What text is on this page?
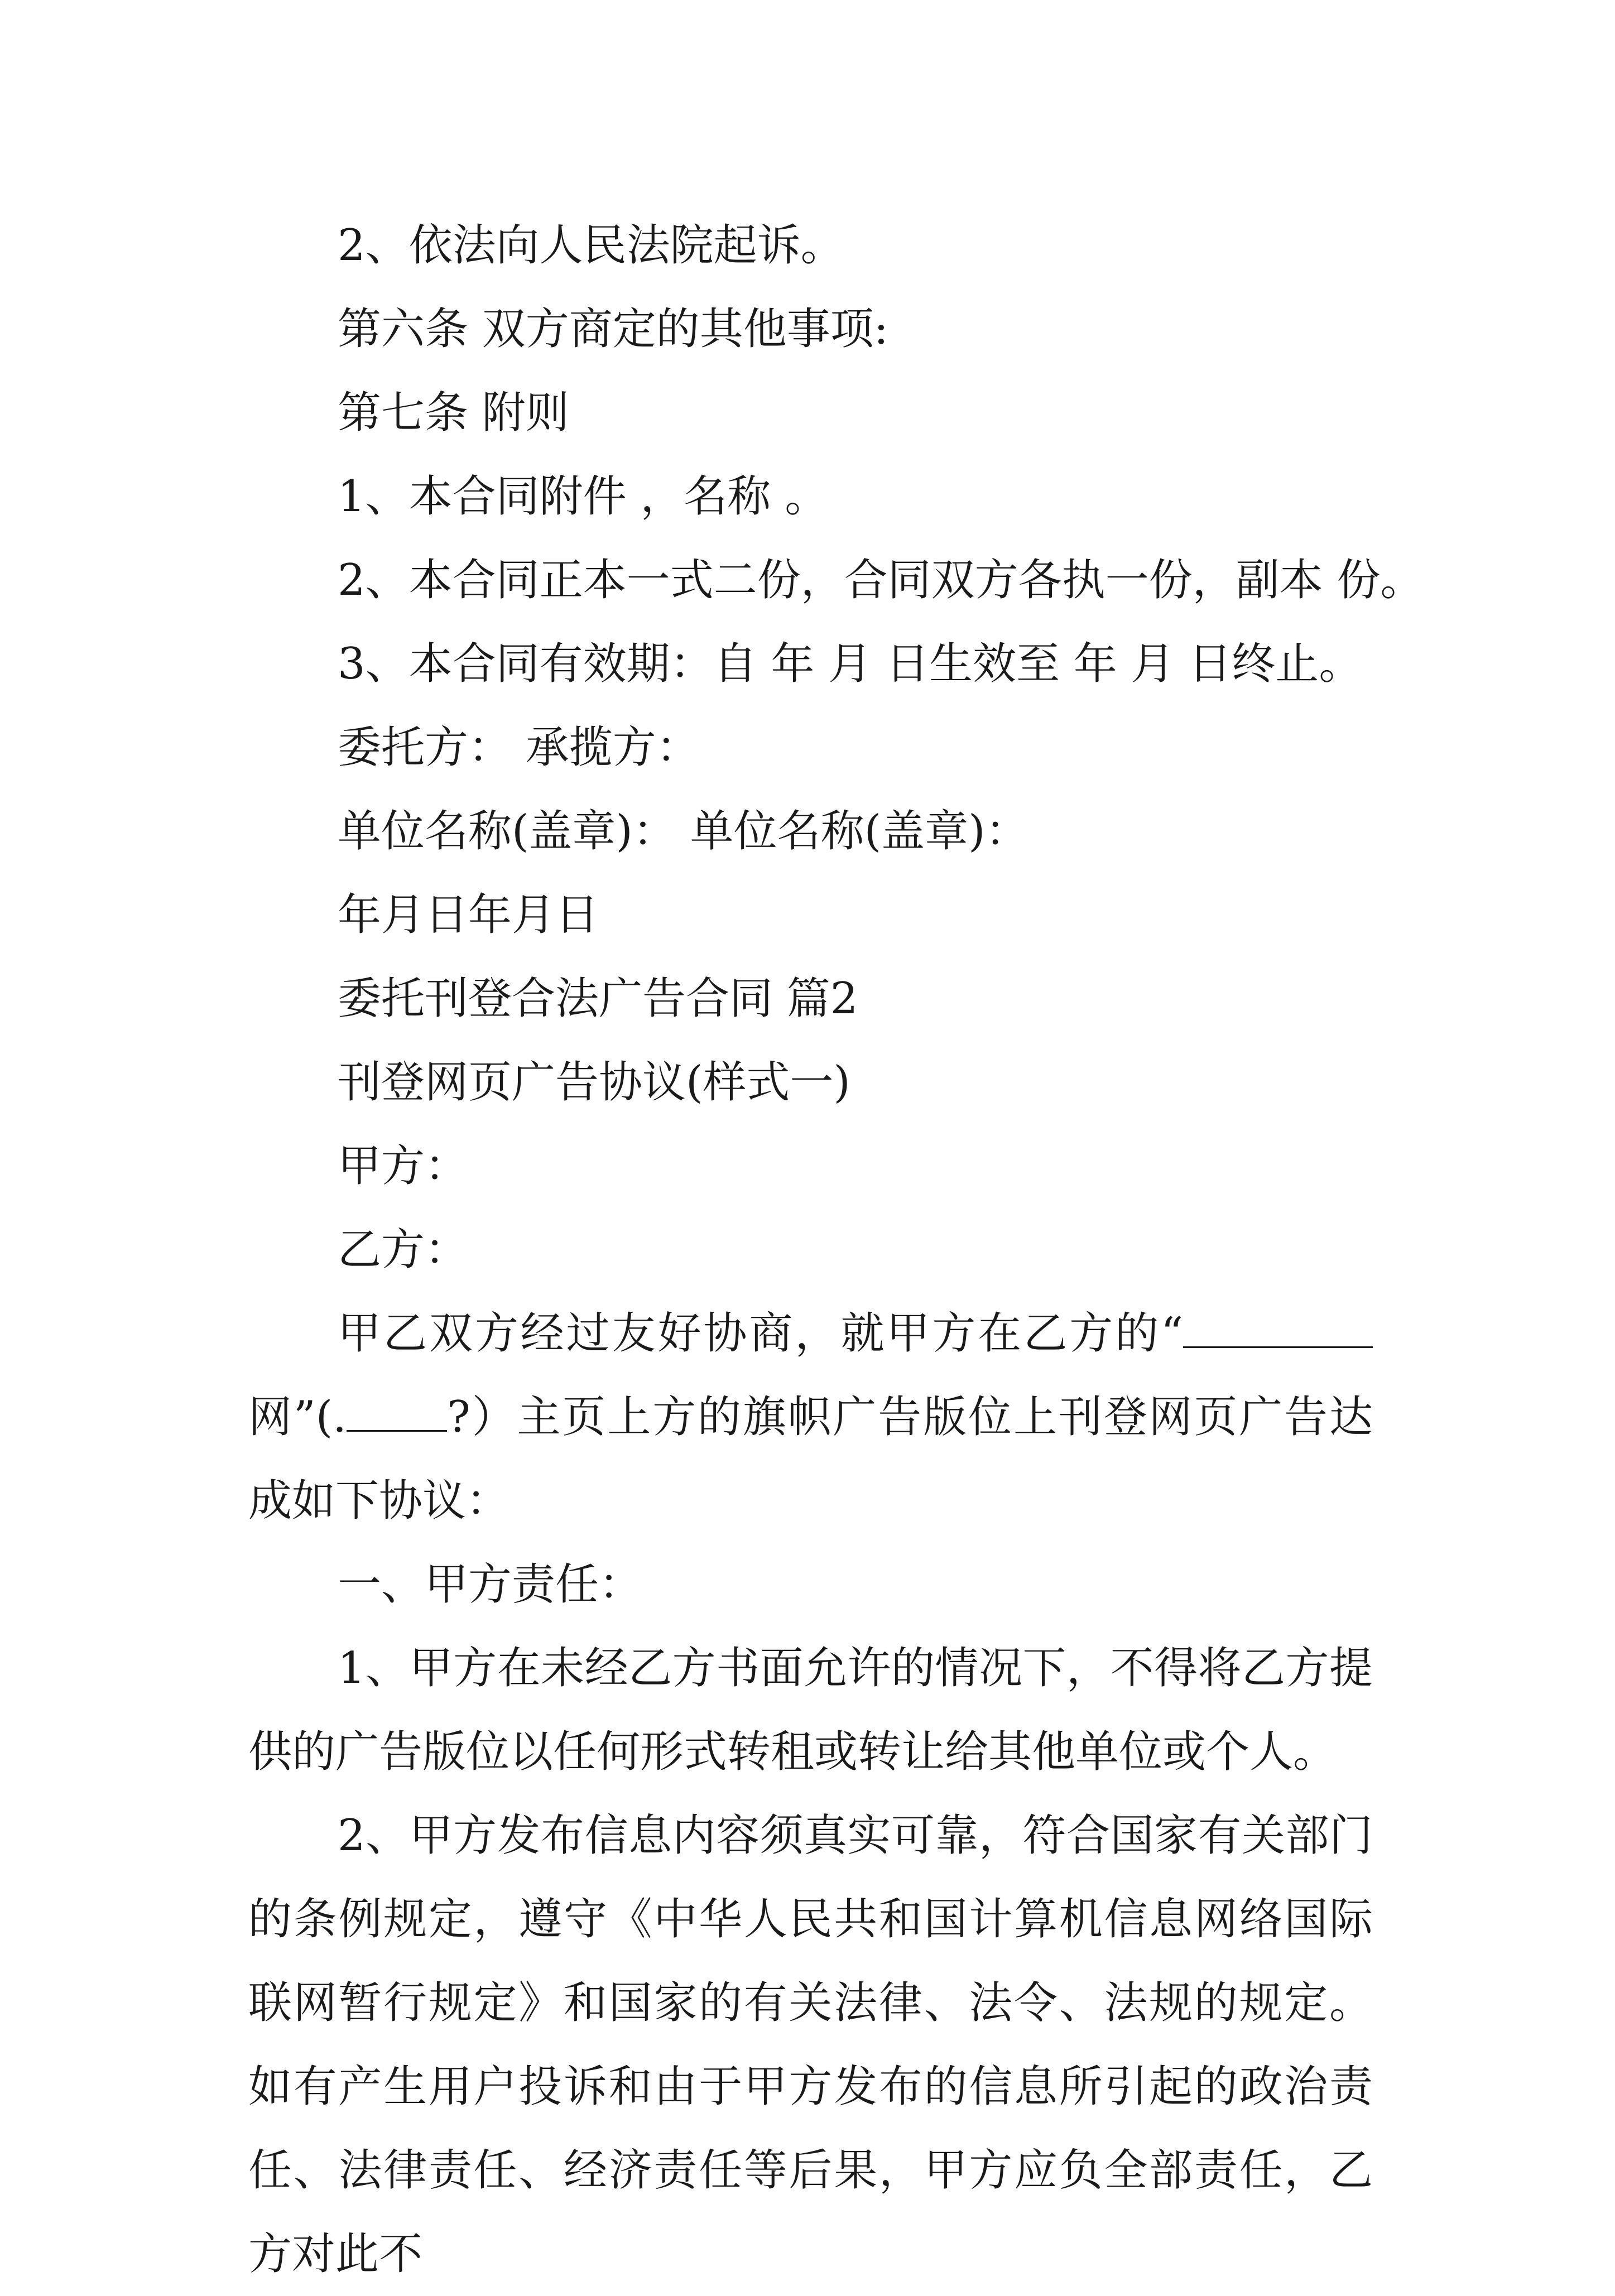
2、依法向人民法院起诉。

第六条 双方商定的其他事项:

第七条 附则

1、本合同附件 ，名称 。

2、本合同正本一式二份，合同双方各执一份，副本 份。

3、本合同有效期：自 年 月 日生效至 年 月 日终止。

委托方： 承揽方：

单位名称(盖章)： 单位名称(盖章)：

年月日年月日

委托刊登合法广告合同 篇2

刊登网页广告协议(样式一)

甲方：

乙方：

甲乙双方经过友好协商，就甲方在乙方的“网”(. ?）主页上方的旗帜广告版位上刊登网页广告达成如下协议：

一、甲方责任：

1、甲方在未经乙方书面允许的情况下，不得将乙方提供的广告版位以任何形式转租或转让给其他单位或个人。

2、甲方发布信息内容须真实可靠，符合国家有关部门的条例规定，遵守《中华人民共和国计算机信息网络国际联网暂行规定》和国家的有关法律、法令、法规的规定。如有产生用户投诉和由于甲方发布的信息所引起的政治责任、法律责任、经济责任等后果，甲方应负全部责任，乙方对此不
